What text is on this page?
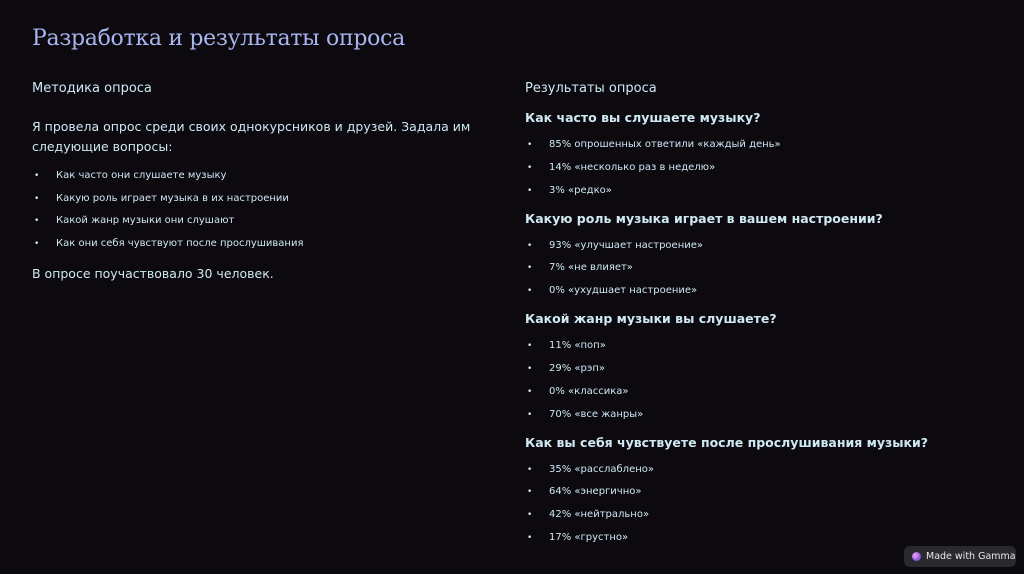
Разработка и результаты опроса
Методика опроса

Я провела опрос среди своих однокурсников и друзей. Задала им следующие вопросы:

• Как часто они слушаете музыку
• Какую роль играет музыка в их настроении
• Какой жанр музыки они слушают
• Как они себя чувствуют после прослушивания

В опросе поучаствовало 30 человек.

Результаты опроса
Как часто вы слушаете музыку?
• 85% опрошенных ответили «каждый день»
• 14% «несколько раз в неделю»
• 3% «редко»
Какую роль музыка играет в вашем настроении?
• 93% «улучшает настроение»
• 7% «не влияет»
• 0% «ухудшает настроение»
Какой жанр музыки вы слушаете?
• 11% «поп»
• 29% «рэп»
• 0% «классика»
• 70% «все жанры»
Как вы себя чувствуете после прослушивания музыки?
• 35% «расслаблено»
• 64% «энергично»
• 42% «нейтрально»
• 17% «грустно»
Made with Gamma
